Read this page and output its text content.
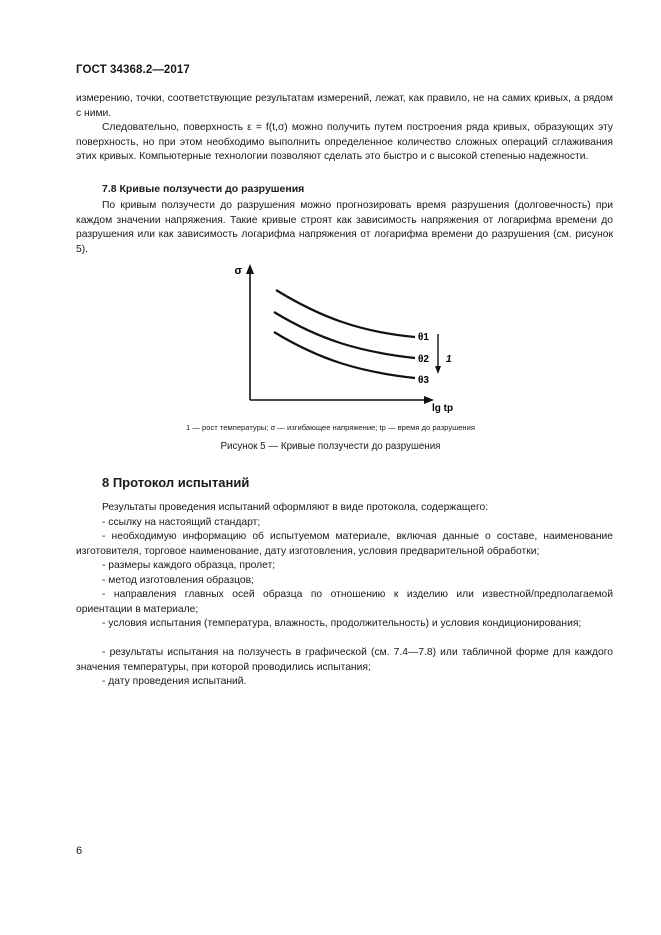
ГОСТ 34368.2—2017

измерению, точки, соответствующие результатам измерений, лежат, как правило, не на самих кривых, а рядом с ними.

Следовательно, поверхность ε = f(t,σ) можно получить путем построения ряда кривых, образующих эту поверхность, но при этом необходимо выполнить определенное количество сложных операций сглаживания этих кривых. Компьютерные технологии позволяют сделать это быстро и с высокой степенью надежности.

7.8 Кривые ползучести до разрушения

По кривым ползучести до разрушения можно прогнозировать время разрушения (долговечность) при каждом значении напряжения. Такие кривые строят как зависимость напряжения от логарифма времени до разрушения или как зависимость логарифма напряжения от логарифма времени до разрушения (см. рисунок 5).

σ
lg tр
θ1
θ2
θ3
1
1 — рост температуры; σ — изгибающее напряжение; tр — время до разрушения
Рисунок 5 — Кривые ползучести до разрушения
8 Протокол испытаний
Результаты проведения испытаний оформляют в виде протокола, содержащего:
- ссылку на настоящий стандарт;
- необходимую информацию об испытуемом материале, включая данные о составе, наименование изготовителя, торговое наименование, дату изготовления, условия предварительной обработки;
- размеры каждого образца, пролет;
- метод изготовления образцов;
- направления главных осей образца по отношению к изделию или известной/предполагаемой ориентации в материале;
- условия испытания (температура, влажность, продолжительность) и условия кондиционирования;
- результаты испытания на ползучесть в графической (см. 7.4—7.8) или табличной форме для каждого значения температуры, при которой проводились испытания;
- дату проведения испытаний.
6
